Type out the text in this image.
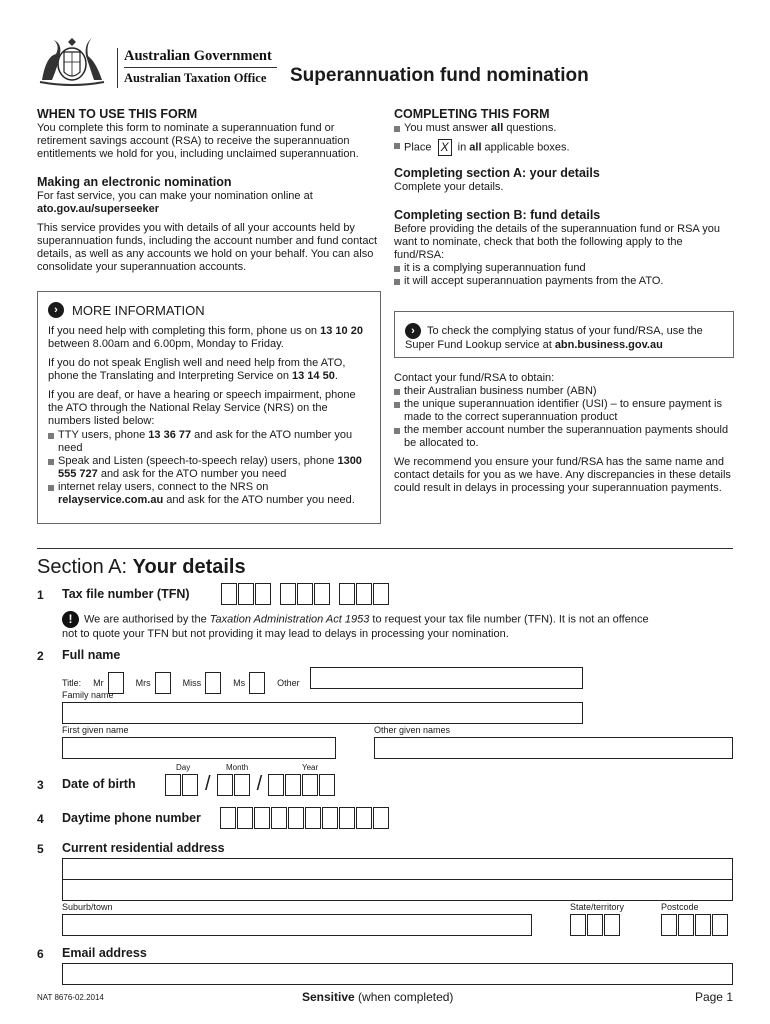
Australian Government
Australian Taxation Office	Superannuation fund nomination
WHEN TO USE THIS FORM
You complete this form to nominate a superannuation fund or retirement savings account (RSA) to receive the superannuation entitlements we hold for you, including unclaimed superannuation.
Making an electronic nomination
For fast service, you can make your nomination online at
ato.gov.au/superseeker
This service provides you with details of all your accounts held by superannuation funds, including the account number and fund contact details, as well as any accounts we hold on your behalf. You can also consolidate your superannuation accounts.
›	MORE INFORMATION
If you need help with completing this form, phone us on 13 10 20 between 8.00am and 6.00pm, Monday to Friday.
If you do not speak English well and need help from the ATO, phone the Translating and Interpreting Service on 13 14 50.
If you are deaf, or have a hearing or speech impairment, phone the ATO through the National Relay Service (NRS) on the numbers listed below:
TTY users, phone 13 36 77 and ask for the ATO number you need
Speak and Listen (speech-to-speech relay) users, phone 1300 555 727 and ask for the ATO number you need
internet relay users, connect to the NRS on relayservice.com.au and ask for the ATO number you need.
COMPLETING THIS FORM
You must answer all questions.
Place X in all applicable boxes.
Completing section A: your details
Complete your details.
Completing section B: fund details
Before providing the details of the superannuation fund or RSA you want to nominate, check that both the following apply to the fund/RSA:
it is a complying superannuation fund
it will accept superannuation payments from the ATO.
› To check the complying status of your fund/RSA, use the Super Fund Lookup service at abn.business.gov.au
Contact your fund/RSA to obtain:
their Australian business number (ABN)
the unique superannuation identifier (USI) – to ensure payment is made to the correct superannuation product
the member account number the superannuation payments should be allocated to.
We recommend you ensure your fund/RSA has the same name and contact details for you as we have. Any discrepancies in these details could result in delays in processing your superannuation payments.
Section A: Your details
1 Tax file number (TFN)
! We are authorised by the Taxation Administration Act 1953 to request your tax file number (TFN). It is not an offence not to quote your TFN but not providing it may lead to delays in processing your nomination.
2 Full name
Title: Mr	Mrs	Miss	Ms	Other
Family name
First given name	Other given names
Day	Month	Year
3 Date of birth	/ /
4 Daytime phone number
5 Current residential address
Suburb/town	State/territory	Postcode
6 Email address
NAT 8676-02.2014	Sensitive (when completed)	Page 1
